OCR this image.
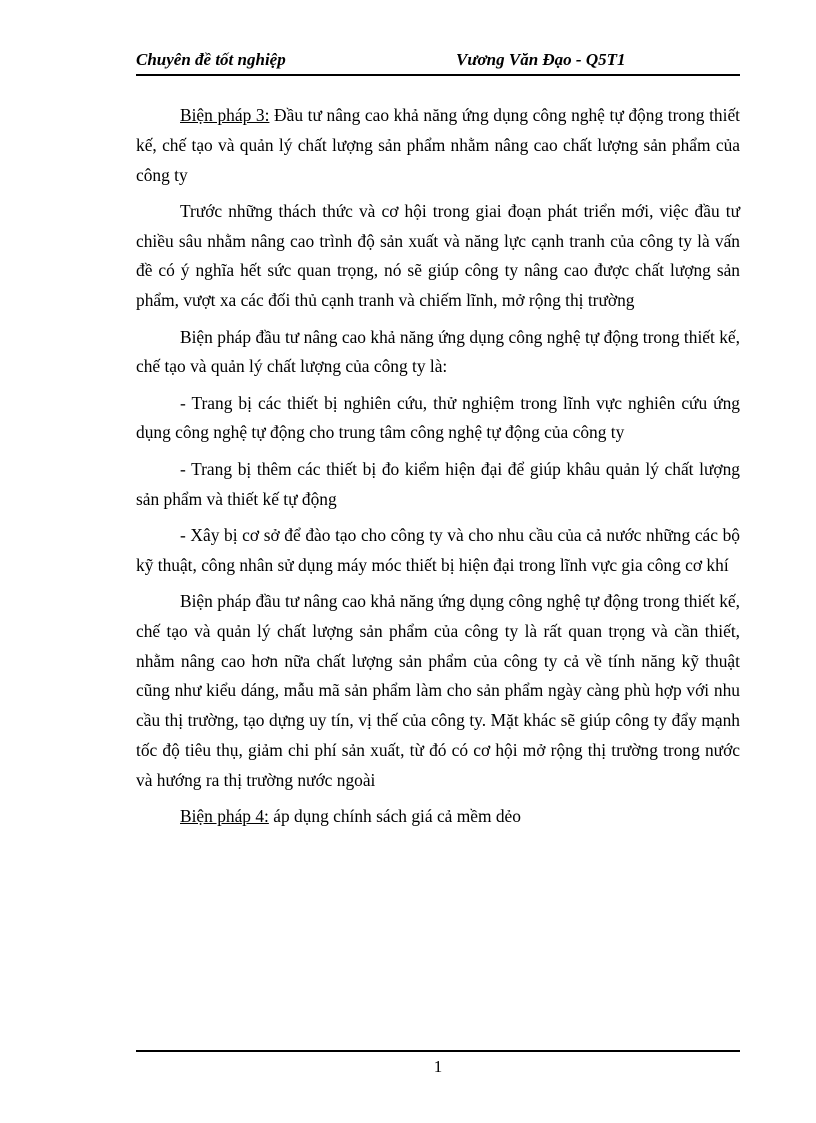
Chuyên đề tốt nghiệp	Vương Văn Đạo - Q5T1

Biện pháp 3: Đầu tư nâng cao khả năng ứng dụng công nghệ tự động trong thiết kế, chế tạo và quản lý chất lượng sản phẩm nhằm nâng cao chất lượng sản phẩm của công ty

Trước những thách thức và cơ hội trong giai đoạn phát triển mới, việc đầu tư chiều sâu nhằm nâng cao trình độ sản xuất và năng lực cạnh tranh của công ty là vấn đề có ý nghĩa hết sức quan trọng, nó sẽ giúp công ty nâng cao được chất lượng sản phẩm, vượt xa các đối thủ cạnh tranh và chiếm lĩnh, mở rộng thị trường

Biện pháp đầu tư nâng cao khả năng ứng dụng công nghệ tự động trong thiết kế, chế tạo và quản lý chất lượng của công ty là:

- Trang bị các thiết bị nghiên cứu, thử nghiệm trong lĩnh vực nghiên cứu ứng dụng công nghệ tự động cho trung tâm công nghệ tự động của công ty

- Trang bị thêm các thiết bị đo kiểm hiện đại để giúp khâu quản lý chất lượng sản phẩm và thiết kế tự động

- Xây bị cơ sở để đào tạo cho công ty và cho nhu cầu của cả nước những các bộ kỹ thuật, công nhân sử dụng máy móc thiết bị hiện đại trong lĩnh vực gia công cơ khí

Biện pháp đầu tư nâng cao khả năng ứng dụng công nghệ tự động trong thiết kế, chế tạo và quản lý chất lượng sản phẩm của công ty là rất quan trọng và cần thiết, nhằm nâng cao hơn nữa chất lượng sản phẩm của công ty cả về tính năng kỹ thuật cũng như kiểu dáng, mẫu mã sản phẩm làm cho sản phẩm ngày càng phù hợp với nhu cầu thị trường, tạo dựng uy tín, vị thế của công ty. Mặt khác sẽ giúp công ty đẩy mạnh tốc độ tiêu thụ, giảm chi phí sản xuất, từ đó có cơ hội mở rộng thị trường trong nước và hướng ra thị trường nước ngoài

Biện pháp 4: áp dụng chính sách giá cả mềm dẻo

1
